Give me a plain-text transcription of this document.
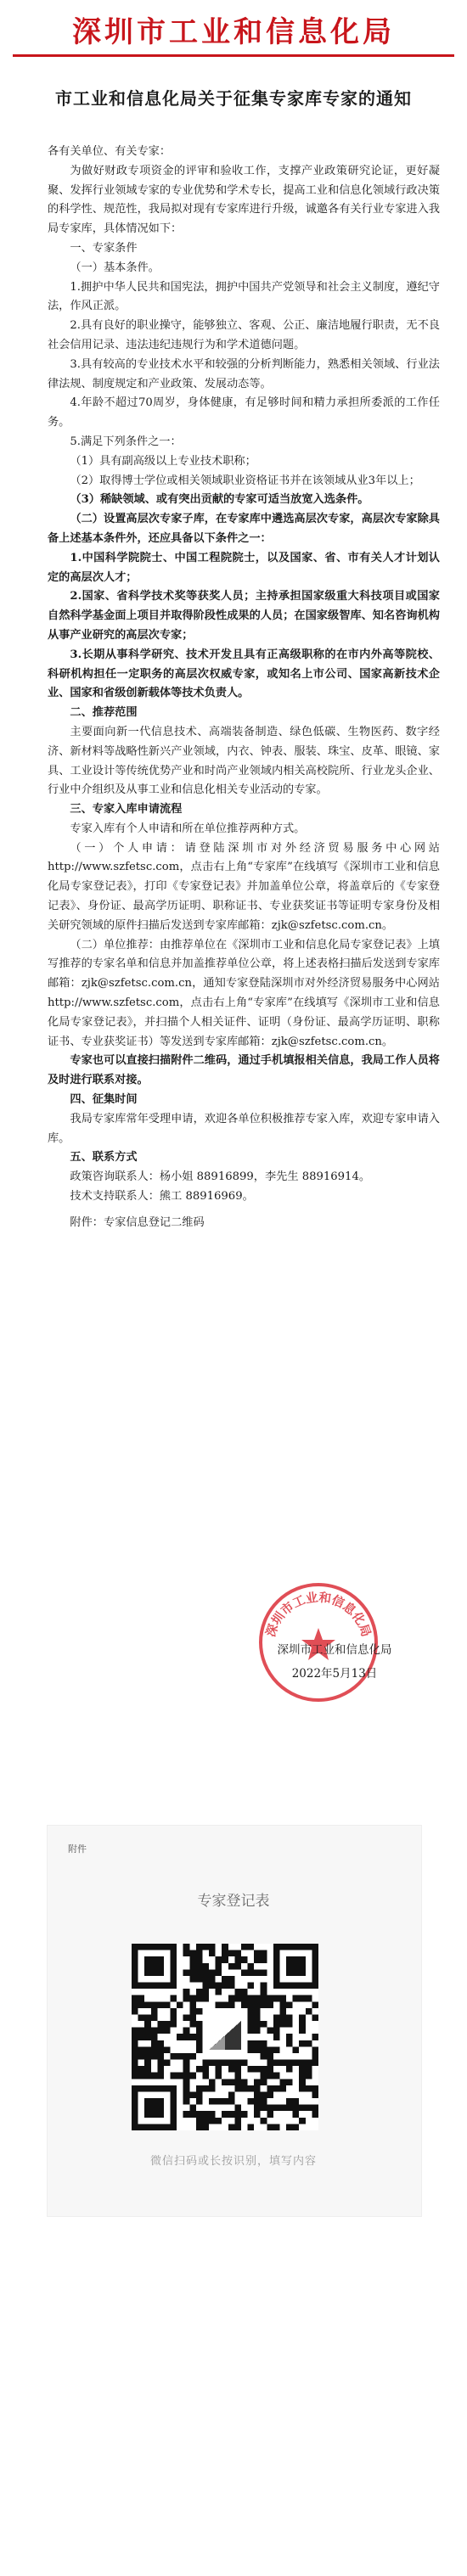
深圳市工业和信息化局
市工业和信息化局关于征集专家库专家的通知

各有关单位、有关专家：

为做好财政专项资金的评审和验收工作，支撑产业政策研究论证，更好凝聚、发挥行业领域专家的专业优势和学术专长，提高工业和信息化领域行政决策的科学性、规范性，我局拟对现有专家库进行升级，诚邀各有关行业专家进入我局专家库，具体情况如下：

一、专家条件

（一）基本条件。

1.拥护中华人民共和国宪法，拥护中国共产党领导和社会主义制度，遵纪守法，作风正派。

2.具有良好的职业操守，能够独立、客观、公正、廉洁地履行职责，无不良社会信用记录、违法违纪违规行为和学术道德问题。

3.具有较高的专业技术水平和较强的分析判断能力，熟悉相关领域、行业法律法规、制度规定和产业政策、发展动态等。

4.年龄不超过70周岁，身体健康，有足够时间和精力承担所委派的工作任务。

5.满足下列条件之一：

（1）具有副高级以上专业技术职称；

（2）取得博士学位或相关领域职业资格证书并在该领域从业3年以上；

（3）稀缺领域、或有突出贡献的专家可适当放宽入选条件。

（二）设置高层次专家子库，在专家库中遴选高层次专家，高层次专家除具备上述基本条件外，还应具备以下条件之一：

1.中国科学院院士、中国工程院院士，以及国家、省、市有关人才计划认定的高层次人才；

2.国家、省科学技术奖等获奖人员；主持承担国家级重大科技项目或国家自然科学基金面上项目并取得阶段性成果的人员；在国家级智库、知名咨询机构从事产业研究的高层次专家；

3.长期从事科学研究、技术开发且具有正高级职称的在市内外高等院校、科研机构担任一定职务的高层次权威专家，或知名上市公司、国家高新技术企业、国家和省级创新载体等技术负责人。

二、推荐范围

主要面向新一代信息技术、高端装备制造、绿色低碳、生物医药、数字经济、新材料等战略性新兴产业领域，内衣、钟表、服装、珠宝、皮革、眼镜、家具、工业设计等传统优势产业和时尚产业领域内相关高校院所、行业龙头企业、行业中介组织及从事工业和信息化相关专业活动的专家。

三、专家入库申请流程

专家入库有个人申请和所在单位推荐两种方式。

（一）个人申请：请登陆深圳市对外经济贸易服务中心网站http://www.szfetsc.com，点击右上角“专家库”在线填写《深圳市工业和信息化局专家登记表》，打印《专家登记表》并加盖单位公章，将盖章后的《专家登记表》、身份证、最高学历证明、职称证书、专业获奖证书等证明专家身份及相关研究领域的原件扫描后发送到专家库邮箱：zjk@szfetsc.com.cn。

（二）单位推荐：由推荐单位在《深圳市工业和信息化局专家登记表》上填写推荐的专家名单和信息并加盖推荐单位公章，将上述表格扫描后发送到专家库邮箱：zjk@szfetsc.com.cn，通知专家登陆深圳市对外经济贸易服务中心网站http://www.szfetsc.com，点击右上角“专家库”在线填写《深圳市工业和信息化局专家登记表》，并扫描个人相关证件、证明（身份证、最高学历证明、职称证书、专业获奖证书）等发送到专家库邮箱：zjk@szfetsc.com.cn。

专家也可以直接扫描附件二维码，通过手机填报相关信息，我局工作人员将及时进行联系对接。

四、征集时间

我局专家库常年受理申请，欢迎各单位积极推荐专家入库，欢迎专家申请入库。

五、联系方式

政策咨询联系人：杨小姐 88916899，李先生 88916914。

技术支持联系人：熊工 88916969。

附件：专家信息登记二维码

深圳市工业和信息化局
深圳市工业和信息化局
2022年5月13日
附件
专家登记表
微信扫码或长按识别，填写内容
